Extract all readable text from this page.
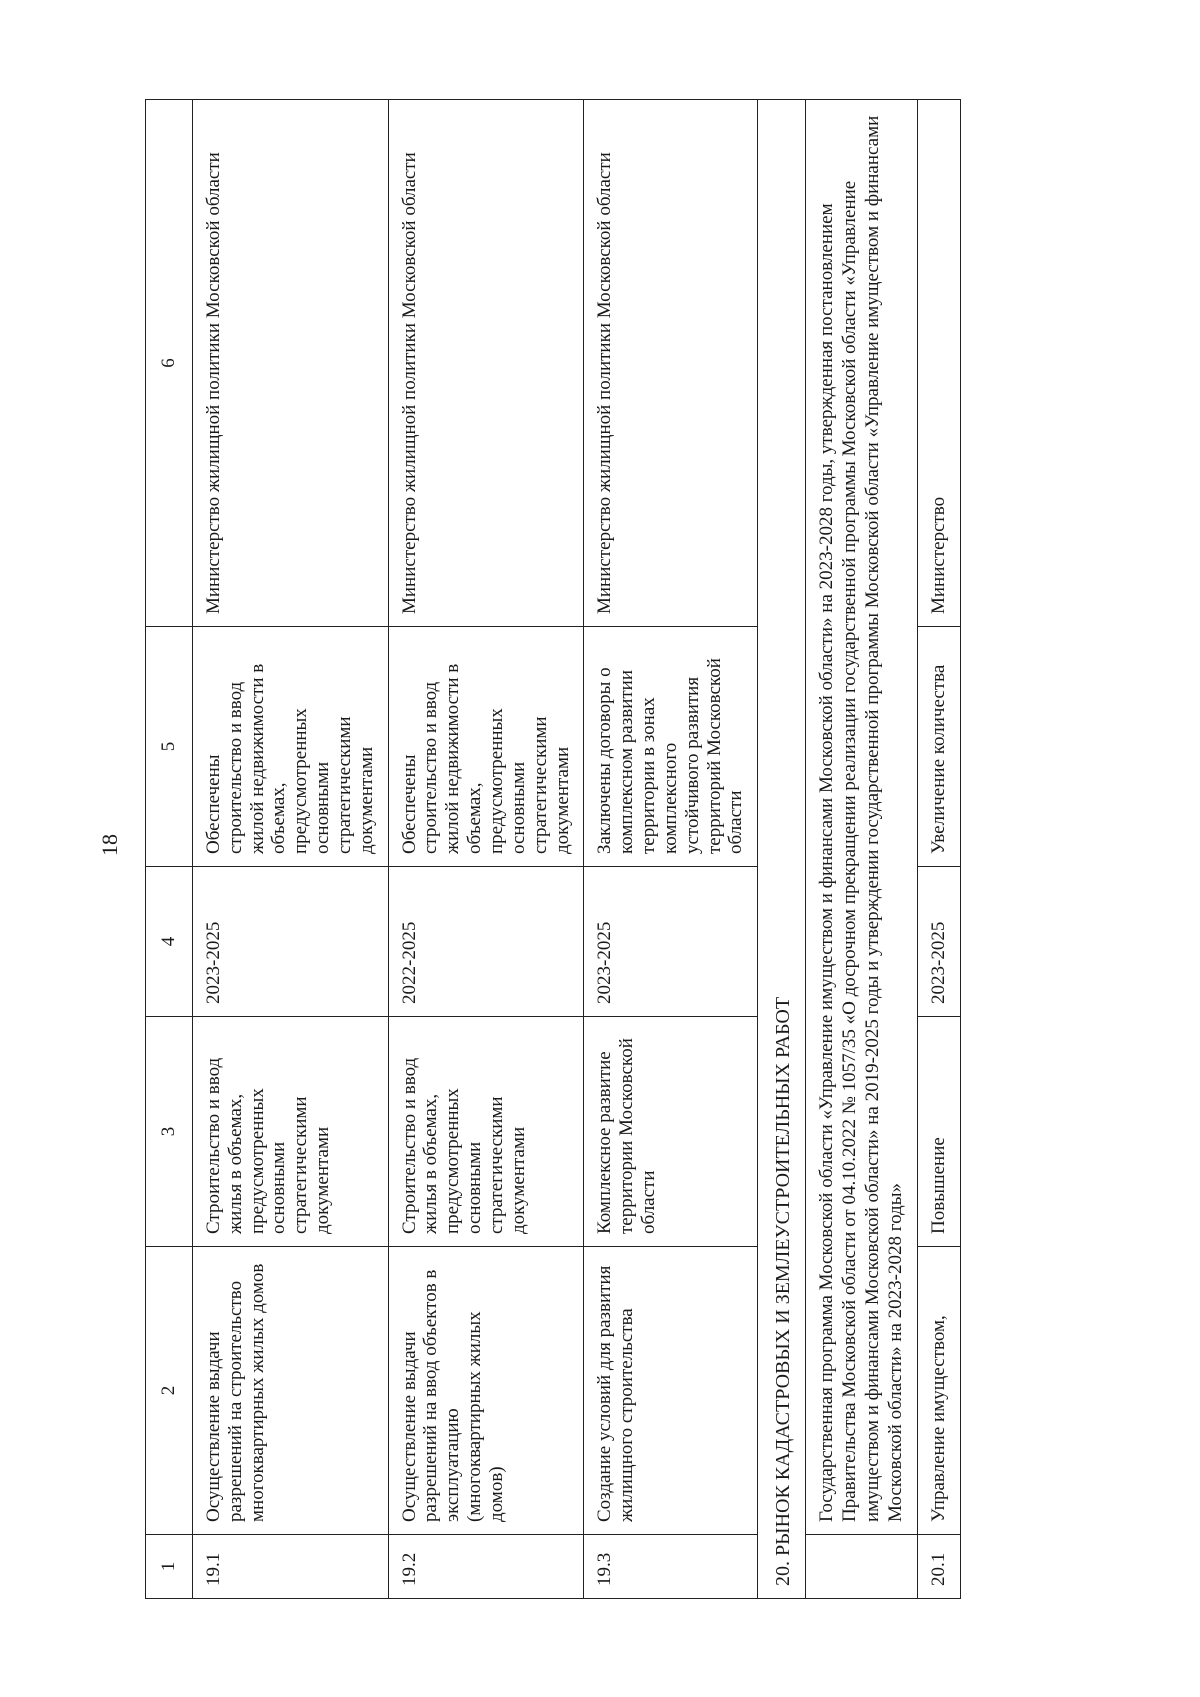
18
1	2	3	4	5	6
19.1	Осуществление выдачи разрешений на строительство многоквартирных жилых домов	Строительство и ввод жилья в объемах, предусмотренных основными стратегическими документами	2023-2025	Обеспечены строительство и ввод жилой недвижимости в объемах, предусмотренных основными стратегическими документами	Министерство жилищной политики Московской области
19.2	Осуществление выдачи разрешений на ввод объектов в эксплуатацию (многоквартирных жилых домов)	Строительство и ввод жилья в объемах, предусмотренных основными стратегическими документами	2022-2025	Обеспечены строительство и ввод жилой недвижимости в объемах, предусмотренных основными стратегическими документами	Министерство жилищной политики Московской области
19.3	Создание условий для развития жилищного строительства	Комплексное развитие территории Московской области	2023-2025	Заключены договоры о комплексном развитии территории в зонах комплексного устойчивого развития территорий Московской области	Министерство жилищной политики Московской области
20. РЫНОК КАДАСТРОВЫХ И ЗЕМЛЕУСТРОИТЕЛЬНЫХ РАБОТ					
	Государственная программа Московской области «Управление имуществом и финансами Московской области» на 2023-2028 годы, утвержденная постановлением Правительства Московской области от 04.10.2022 № 1057/35 «О досрочном прекращении реализации государственной программы Московской области «Управление имуществом и финансами Московской области» на 2019-2025 годы и утверждении государственной программы Московской области «Управление имуществом и финансами Московской области» на 2023-2028 годы»				
20.1	Управление имуществом,	Повышение	2023-2025	Увеличение количества	Министерство
